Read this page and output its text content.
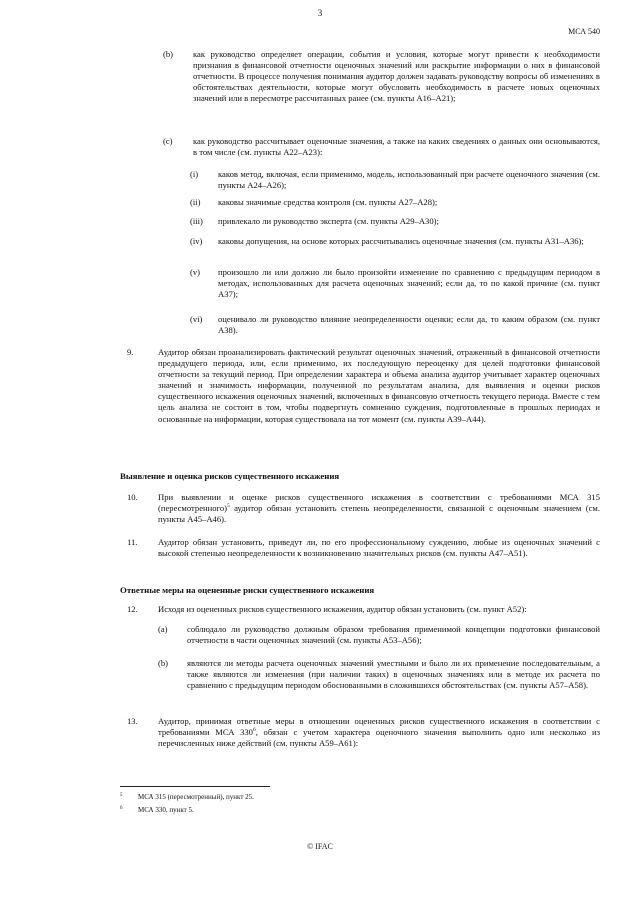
3
МСА 540
(b) как руководство определяет операции, события и условия, которые могут привести к необходимости признания в финансовой отчетности оценочных значений или раскрытие информации о них в финансовой отчетности. В процессе получения понимания аудитор должен задавать руководству вопросы об изменениях в обстоятельствах деятельности, которые могут обусловить необходимость в расчете новых оценочных значений или в пересмотре рассчитанных ранее (см. пункты А16–А21);

(c) как руководство рассчитывает оценочные значения, а также на каких сведениях о данных они основываются, в том числе (см. пункты А22–А23):

(i) каков метод, включая, если применимо, модель, использованный при расчете оценочного значения (см. пункты А24–А26);

(ii) каковы значимые средства контроля (см. пункты А27–А28);

(iii) привлекало ли руководство эксперта (см. пункты А29–А30);

(iv) каковы допущения, на основе которых рассчитывались оценочные значения (см. пункты А31–А36);

(v) произошло ли или должно ли было произойти изменение по сравнению с предыдущим периодом в методах, использованных для расчета оценочных значений; если да, то по какой причине (см. пункт А37);

(vi) оценивало ли руководство влияние неопределенности оценки; если да, то каким образом (см. пункт А38).

9.	Аудитор обязан проанализировать фактический результат оценочных значений, отраженный в финансовой отчетности предыдущего периода, или, если применимо, их последующую переоценку для целей подготовки финансовой отчетности за текущий период. При определении характера и объема анализа аудитор учитывает характер оценочных значений и значимость информации, полученной по результатам анализа, для выявления и оценки рисков существенного искажения оценочных значений, включенных в финансовую отчетность текущего периода. Вместе с тем цель анализа не состоит в том, чтобы подвергнуть сомнению суждения, подготовленные в прошлых периодах и основанные на информации, которая существовала на тот момент (см. пункты А39–А44).

Выявление и оценка рисков существенного искажения
10. При выявлении и оценке рисков существенного искажения в соответствии с требованиями МСА 315 (пересмотренного)$^5$ аудитор обязан установить степень неопределенности, связанной с оценочным значением (см. пункты А45–А46).

11. Аудитор обязан установить, приведут ли, по его профессиональному суждению, любые из оценочных значений с высокой степенью неопределенности к возникновению значительных рисков (см. пункты А47–А51).

Ответные меры на оцененные риски существенного искажения
12. Исходя из оцененных рисков существенного искажения, аудитор обязан установить (см. пункт А52):

(a) соблюдало ли руководство должным образом требования применимой концепции подготовки финансовой отчетности в части оценочных значений (см. пункты А53–А56);

(b) являются ли методы расчета оценочных значений уместными и было ли их применение последовательным, а также являются ли изменения (при наличии таких) в оценочных значениях или в методе их расчета по сравнению с предыдущим периодом обоснованными в сложившихся обстоятельствах (см. пункты А57–А58).

13. Аудитор, принимая ответные меры в отношении оцененных рисков существенного искажения в соответствии с требованиями МСА $330^6$, обязан с учетом характера оценочного значения выполнить одно или несколько из перечисленных ниже действий (см. пункты А59–А61):

5 МСА 315 (пересмотренный), пункт 25.
6 МСА 330, пункт 5.
© IFAC
